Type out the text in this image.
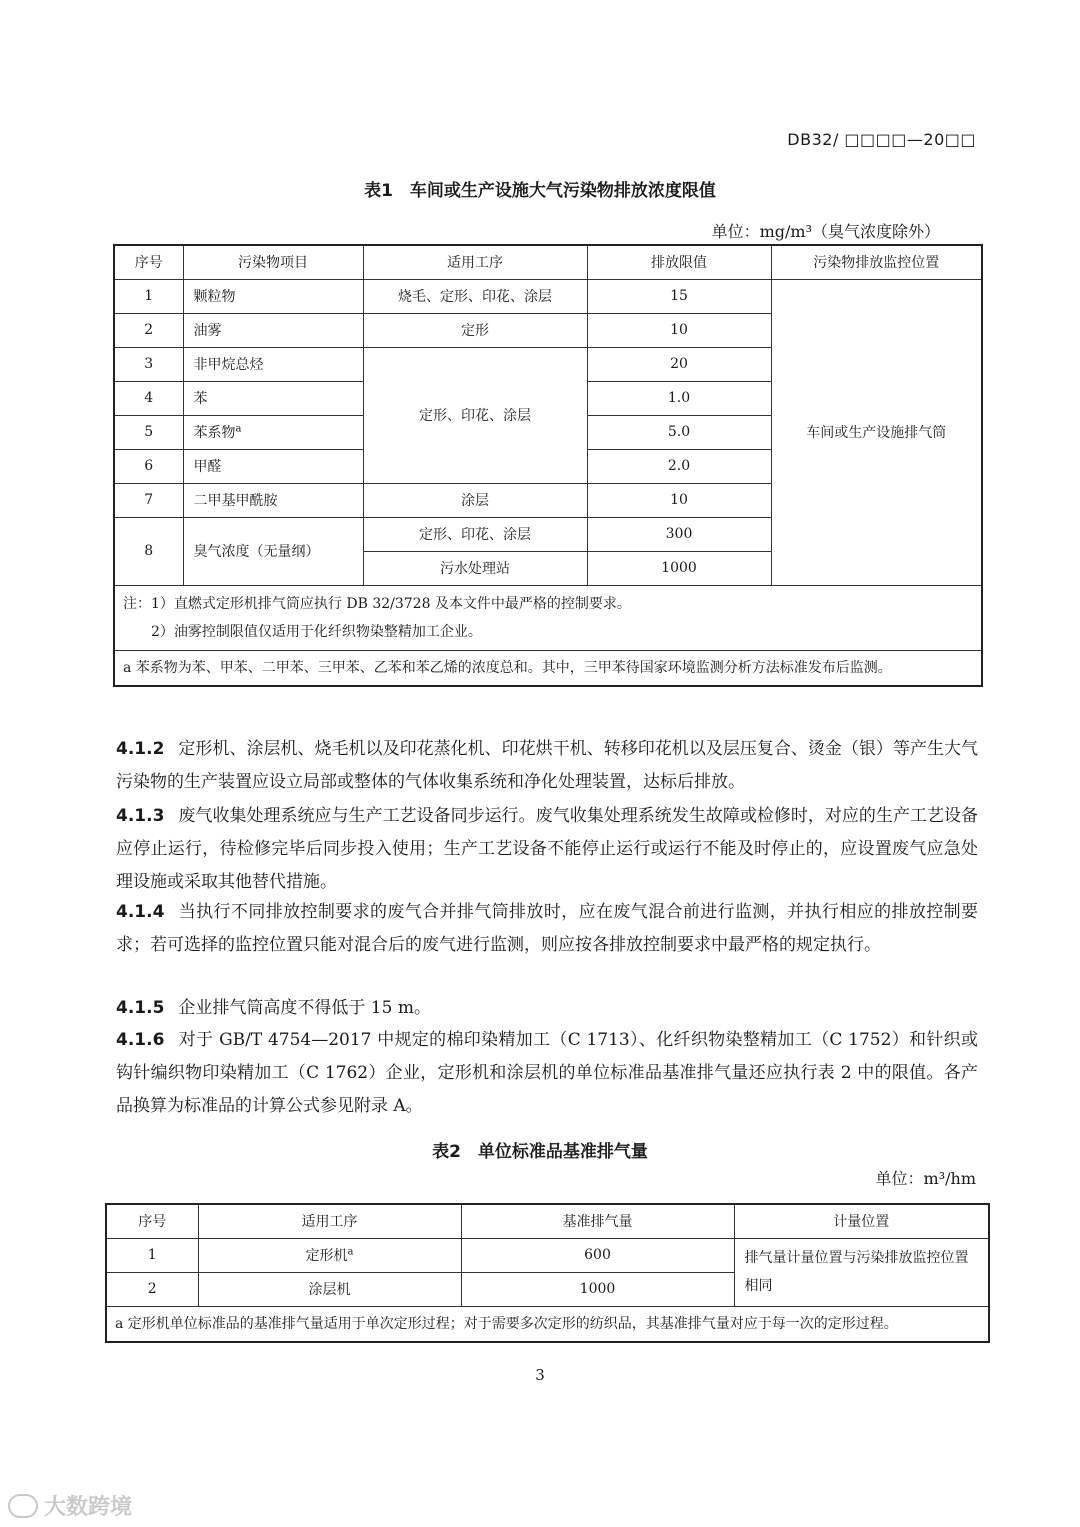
DB32/ □□□□—20□□
表1　车间或生产设施大气污染物排放浓度限值
单位：mg/m³（臭气浓度除外）
序号	污染物项目	适用工序	排放限值	污染物排放监控位置
1	颗粒物	烧毛、定形、印花、涂层	15	车间或生产设施排气筒
2	油雾	定形	10	
3	非甲烷总烃	定形、印花、涂层	20	
4	苯		1.0	
5	苯系物$^a$		5.0	
6	甲醛		2.0	
7	二甲基甲酰胺	涂层	10	
8	臭气浓度（无量纲）	定形、印花、涂层	300	
		污水处理站	1000	

注：1）直燃式定形机排气筒应执行 DB 32/3728 及本文件中最严格的控制要求。
2）油雾控制限值仅适用于化纤织物染整精加工企业。				

a 苯系物为苯、甲苯、二甲苯、三甲苯、乙苯和苯乙烯的浓度总和。其中，三甲苯待国家环境监测分析方法标准发布后监测。				
4.1.2 定形机、涂层机、烧毛机以及印花蒸化机、印花烘干机、转移印花机以及层压复合、烫金（银）等产生大气污染物的生产装置应设立局部或整体的气体收集系统和净化处理装置，达标后排放。
4.1.3 废气收集处理系统应与生产工艺设备同步运行。废气收集处理系统发生故障或检修时，对应的生产工艺设备应停止运行，待检修完毕后同步投入使用；生产工艺设备不能停止运行或运行不能及时停止的，应设置废气应急处理设施或采取其他替代措施。
4.1.4 当执行不同排放控制要求的废气合并排气筒排放时，应在废气混合前进行监测，并执行相应的排放控制要求；若可选择的监控位置只能对混合后的废气进行监测，则应按各排放控制要求中最严格的规定执行。
4.1.5 企业排气筒高度不得低于 15 m。
4.1.6 对于 GB/T 4754—2017 中规定的棉印染精加工（C 1713）、化纤织物染整精加工（C 1752）和针织或钩针编织物印染精加工（C 1762）企业，定形机和涂层机的单位标准品基准排气量还应执行表 2 中的限值。各产品换算为标准品的计算公式参见附录 A。
表2　单位标准品基准排气量
单位：m³/hm
序号	适用工序	基准排气量	计量位置
1	定形机$^a$	600	排气量计量位置与污染排放监控位置相同
2	涂层机	1000	
a 定形机单位标准品的基准排气量适用于单次定形过程；对于需要多次定形的纺织品，其基准排气量对应于每一次的定形过程。			
3
大数跨境
